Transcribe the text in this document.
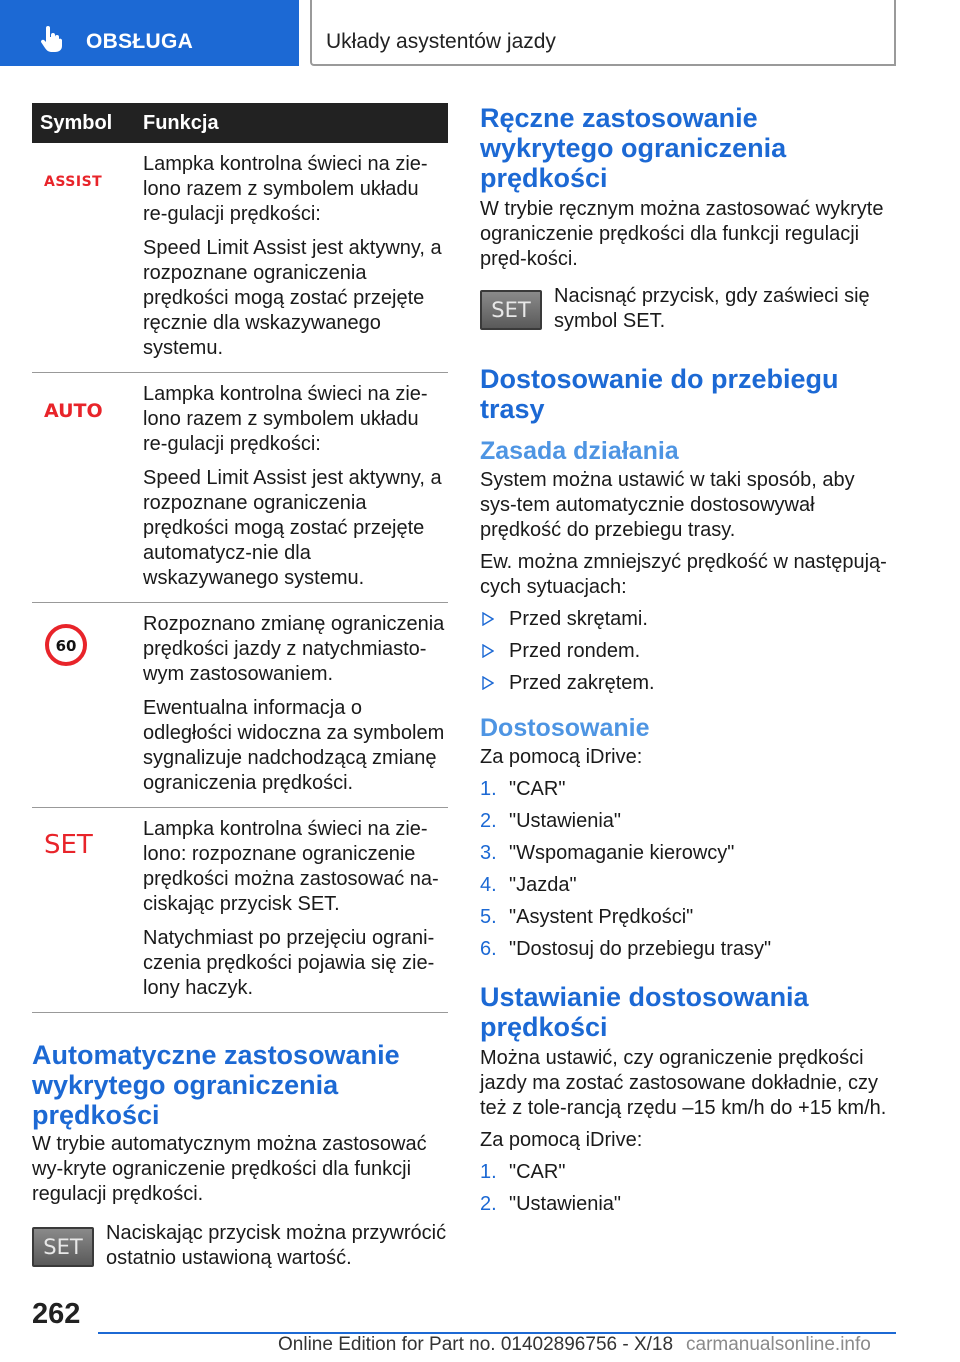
OBSŁUGA	Układy asystentów jazdy
Symbol Funkcja
ASSIST

Lampka kontrolna świeci na zie-lono razem z symbolem układu re-gulacji prędkości:

Speed Limit Assist jest aktywny, a rozpoznane ograniczenia prędkości mogą zostać przejęte ręcznie dla wskazywanego systemu.

AUTO

Lampka kontrolna świeci na zie-lono razem z symbolem układu re-gulacji prędkości:

Speed Limit Assist jest aktywny, a rozpoznane ograniczenia prędkości mogą zostać przejęte automatycz-nie dla wskazywanego systemu.

60

Rozpoznano zmianę ograniczenia prędkości jazdy z natychmiasto-wym zastosowaniem.

Ewentualna informacja o odległości widoczna za symbolem sygnalizuje nadchodzącą zmianę ograniczenia prędkości.

SET

Lampka kontrolna świeci na zie-lono: rozpoznane ograniczenie prędkości można zastosować na-ciskając przycisk SET.

Natychmiast po przejęciu ograni-czenia prędkości pojawia się zie-lony haczyk.

Automatyczne zastosowanie wykrytego ograniczenia prędkości

W trybie automatycznym można zastosować wy-kryte ograniczenie prędkości dla funkcji regulacji prędkości.

SET

Naciskając przycisk można przywrócić ostatnio ustawioną wartość.

Ręczne zastosowanie wykrytego ograniczenia prędkości

W trybie ręcznym można zastosować wykryte ograniczenie prędkości dla funkcji regulacji pręd-kości.

SET

Nacisnąć przycisk, gdy zaświeci się symbol SET.

Dostosowanie do przebiegu trasy
Zasada działania

System można ustawić w taki sposób, aby sys-tem automatycznie dostosowywał prędkość do przebiegu trasy.

Ew. można zmniejszyć prędkość w następują-cych sytuacjach:

Przed skrętami.
Przed rondem.
Przed zakrętem.
Dostosowanie

Za pomocą iDrive:

1. "CAR"
2. "Ustawienia"
3. "Wspomaganie kierowcy"
4. "Jazda"
5. "Asystent Prędkości"
6. "Dostosuj do przebiegu trasy"
Ustawianie dostosowania prędkości

Można ustawić, czy ograniczenie prędkości jazdy ma zostać zastosowane dokładnie, czy też z tole-rancją rzędu –15 km/h do +15 km/h.

Za pomocą iDrive:

1. "CAR"
2. "Ustawienia"
262
Online Edition for Part no. 01402896756 - X/18 carmanualsonline.info
